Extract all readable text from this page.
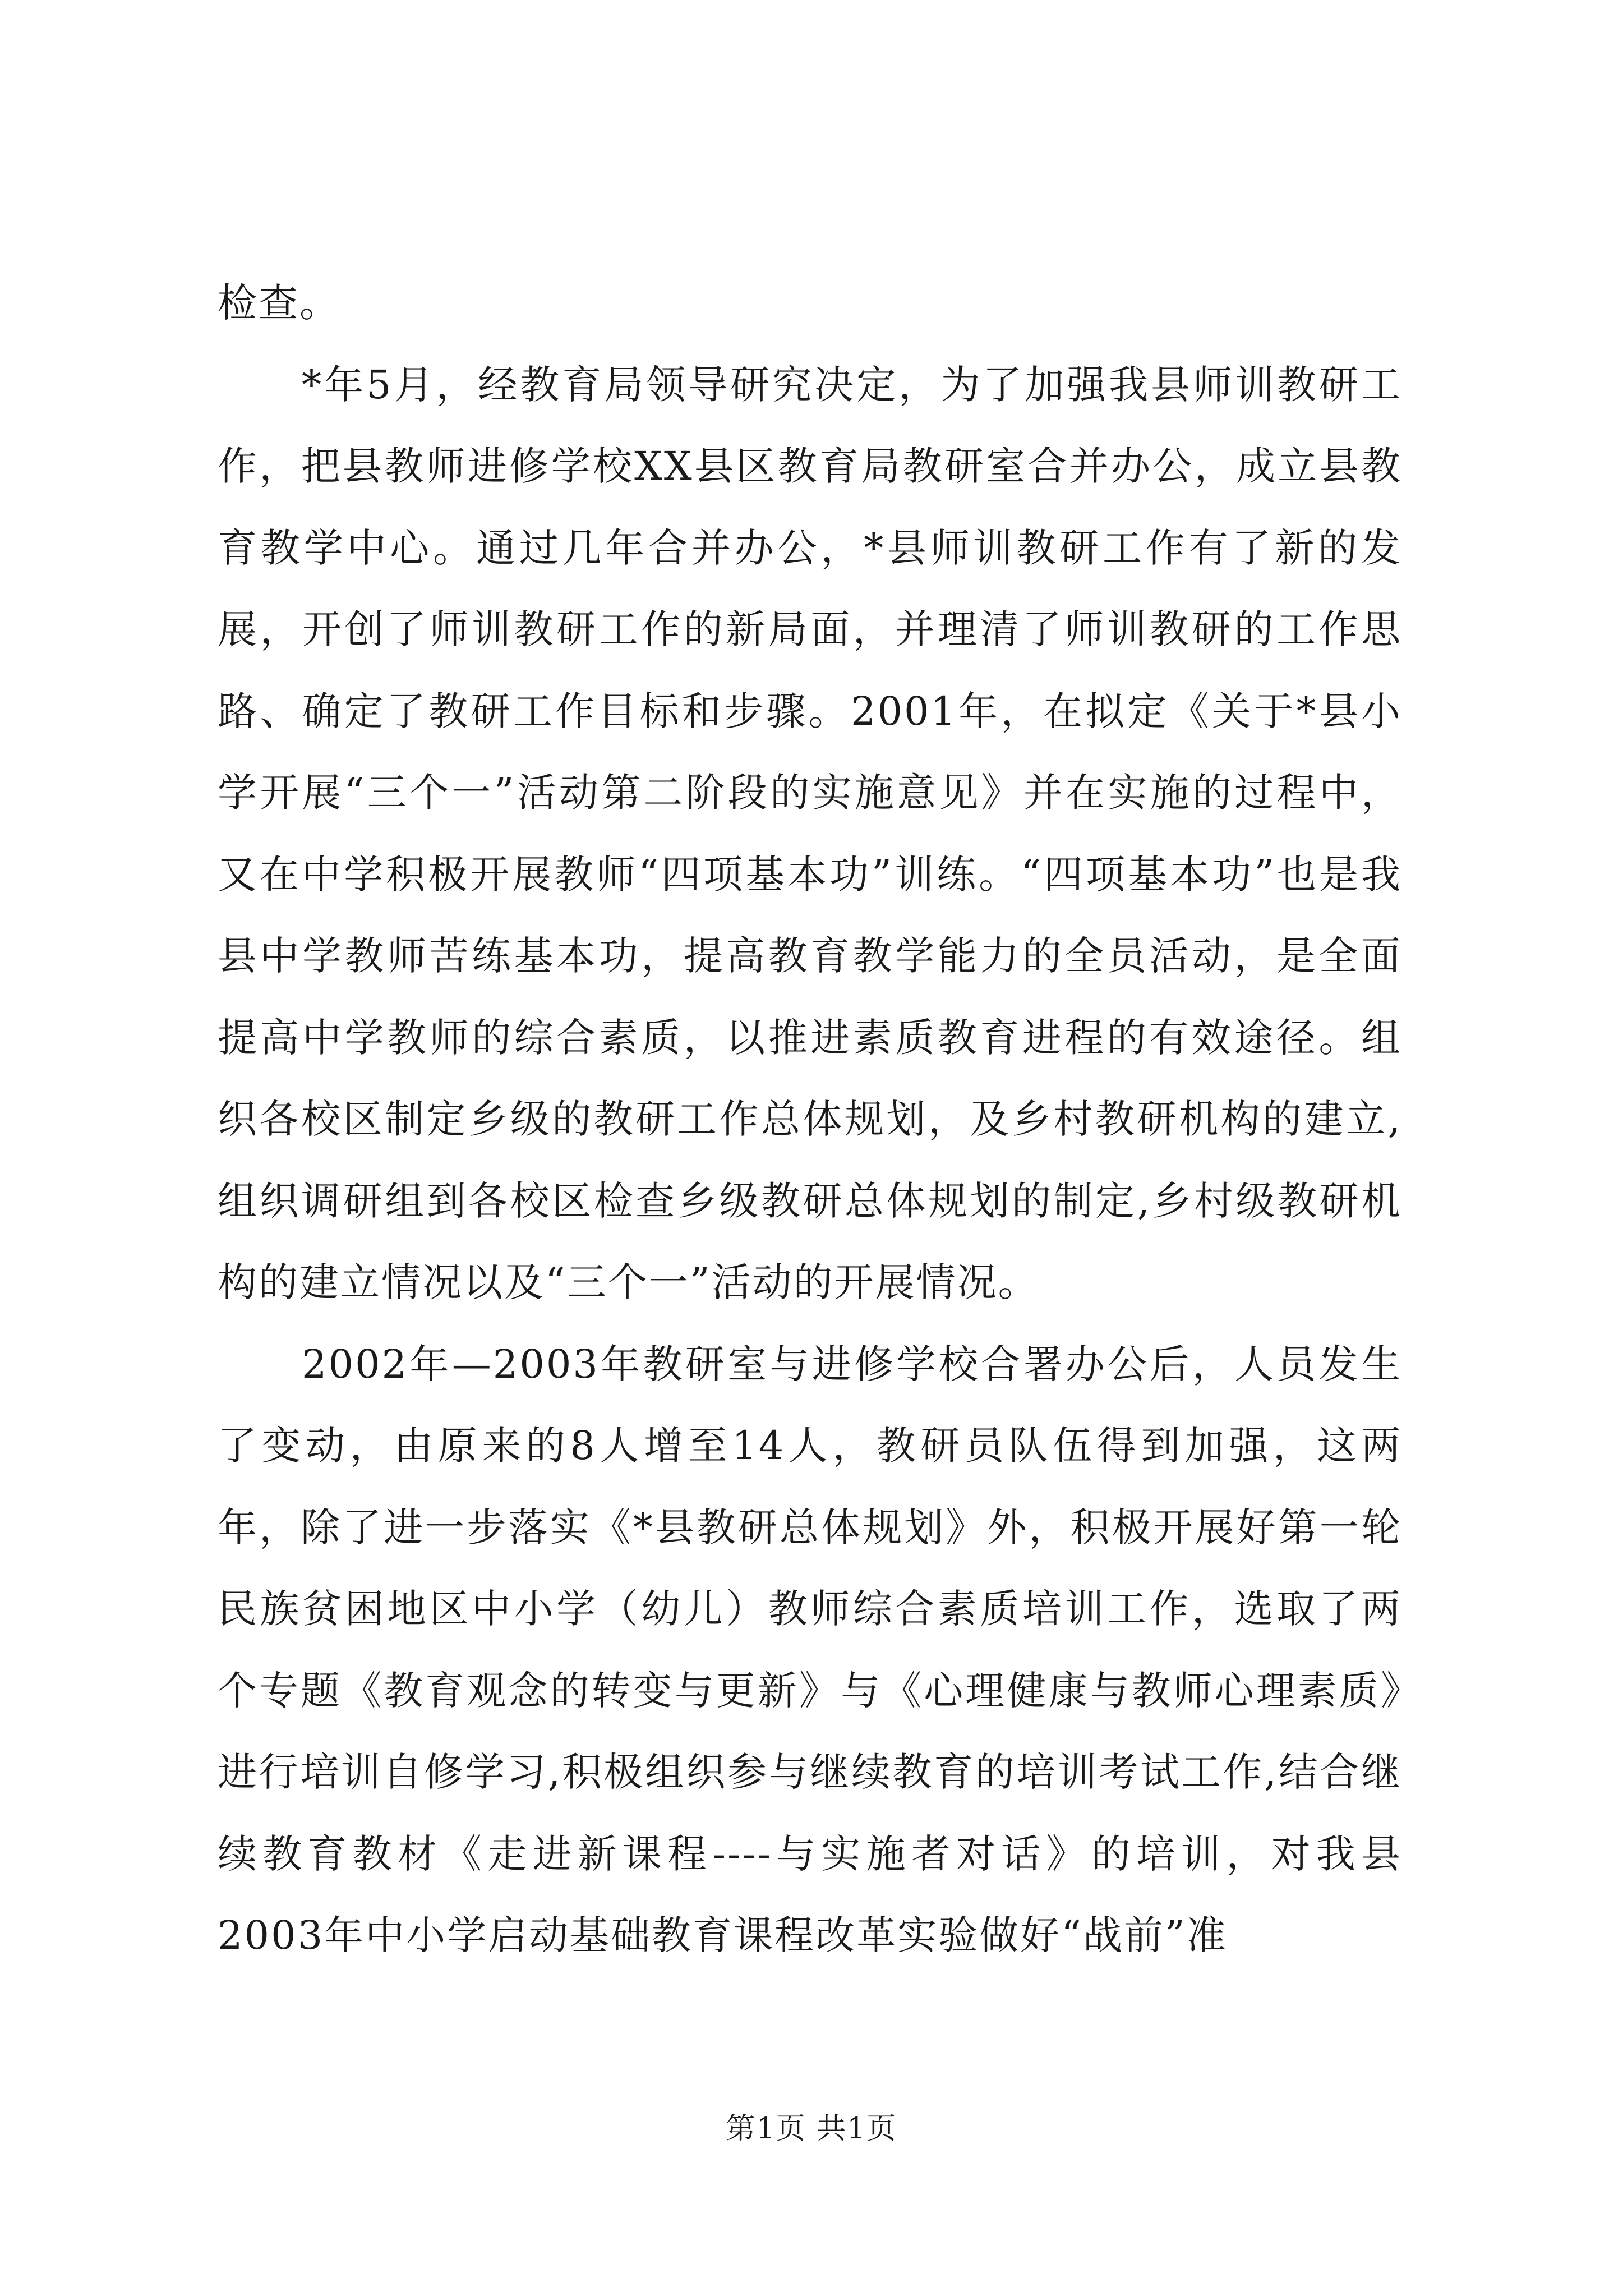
检查。

*年5月，经教育局领导研究决定，为了加强我县师训教研工作，把县教师进修学校XX县区教育局教研室合并办公，成立县教育教学中心。通过几年合并办公，*县师训教研工作有了新的发展，开创了师训教研工作的新局面，并理清了师训教研的工作思路、确定了教研工作目标和步骤。2001年，在拟定《关于*县小学开展“三个一”活动第二阶段的实施意见》并在实施的过程中，又在中学积极开展教师“四项基本功”训练。“四项基本功”也是我县中学教师苦练基本功，提高教育教学能力的全员活动，是全面提高中学教师的综合素质，以推进素质教育进程的有效途径。组织各校区制定乡级的教研工作总体规划，及乡村教研机构的建立,组织调研组到各校区检查乡级教研总体规划的制定,乡村级教研机构的建立情况以及“三个一”活动的开展情况。

2002年—2003年教研室与进修学校合署办公后，人员发生了变动，由原来的8人增至14人，教研员队伍得到加强，这两年，除了进一步落实《*县教研总体规划》外，积极开展好第一轮民族贫困地区中小学（幼儿）教师综合素质培训工作，选取了两个专题《教育观念的转变与更新》与《心理健康与教师心理素质》进行培训自修学习,积极组织参与继续教育的培训考试工作,结合继续教育教材《走进新课程----与实施者对话》的培训，对我县2003年中小学启动基础教育课程改革实验做好“战前”准

第1页 共1页
